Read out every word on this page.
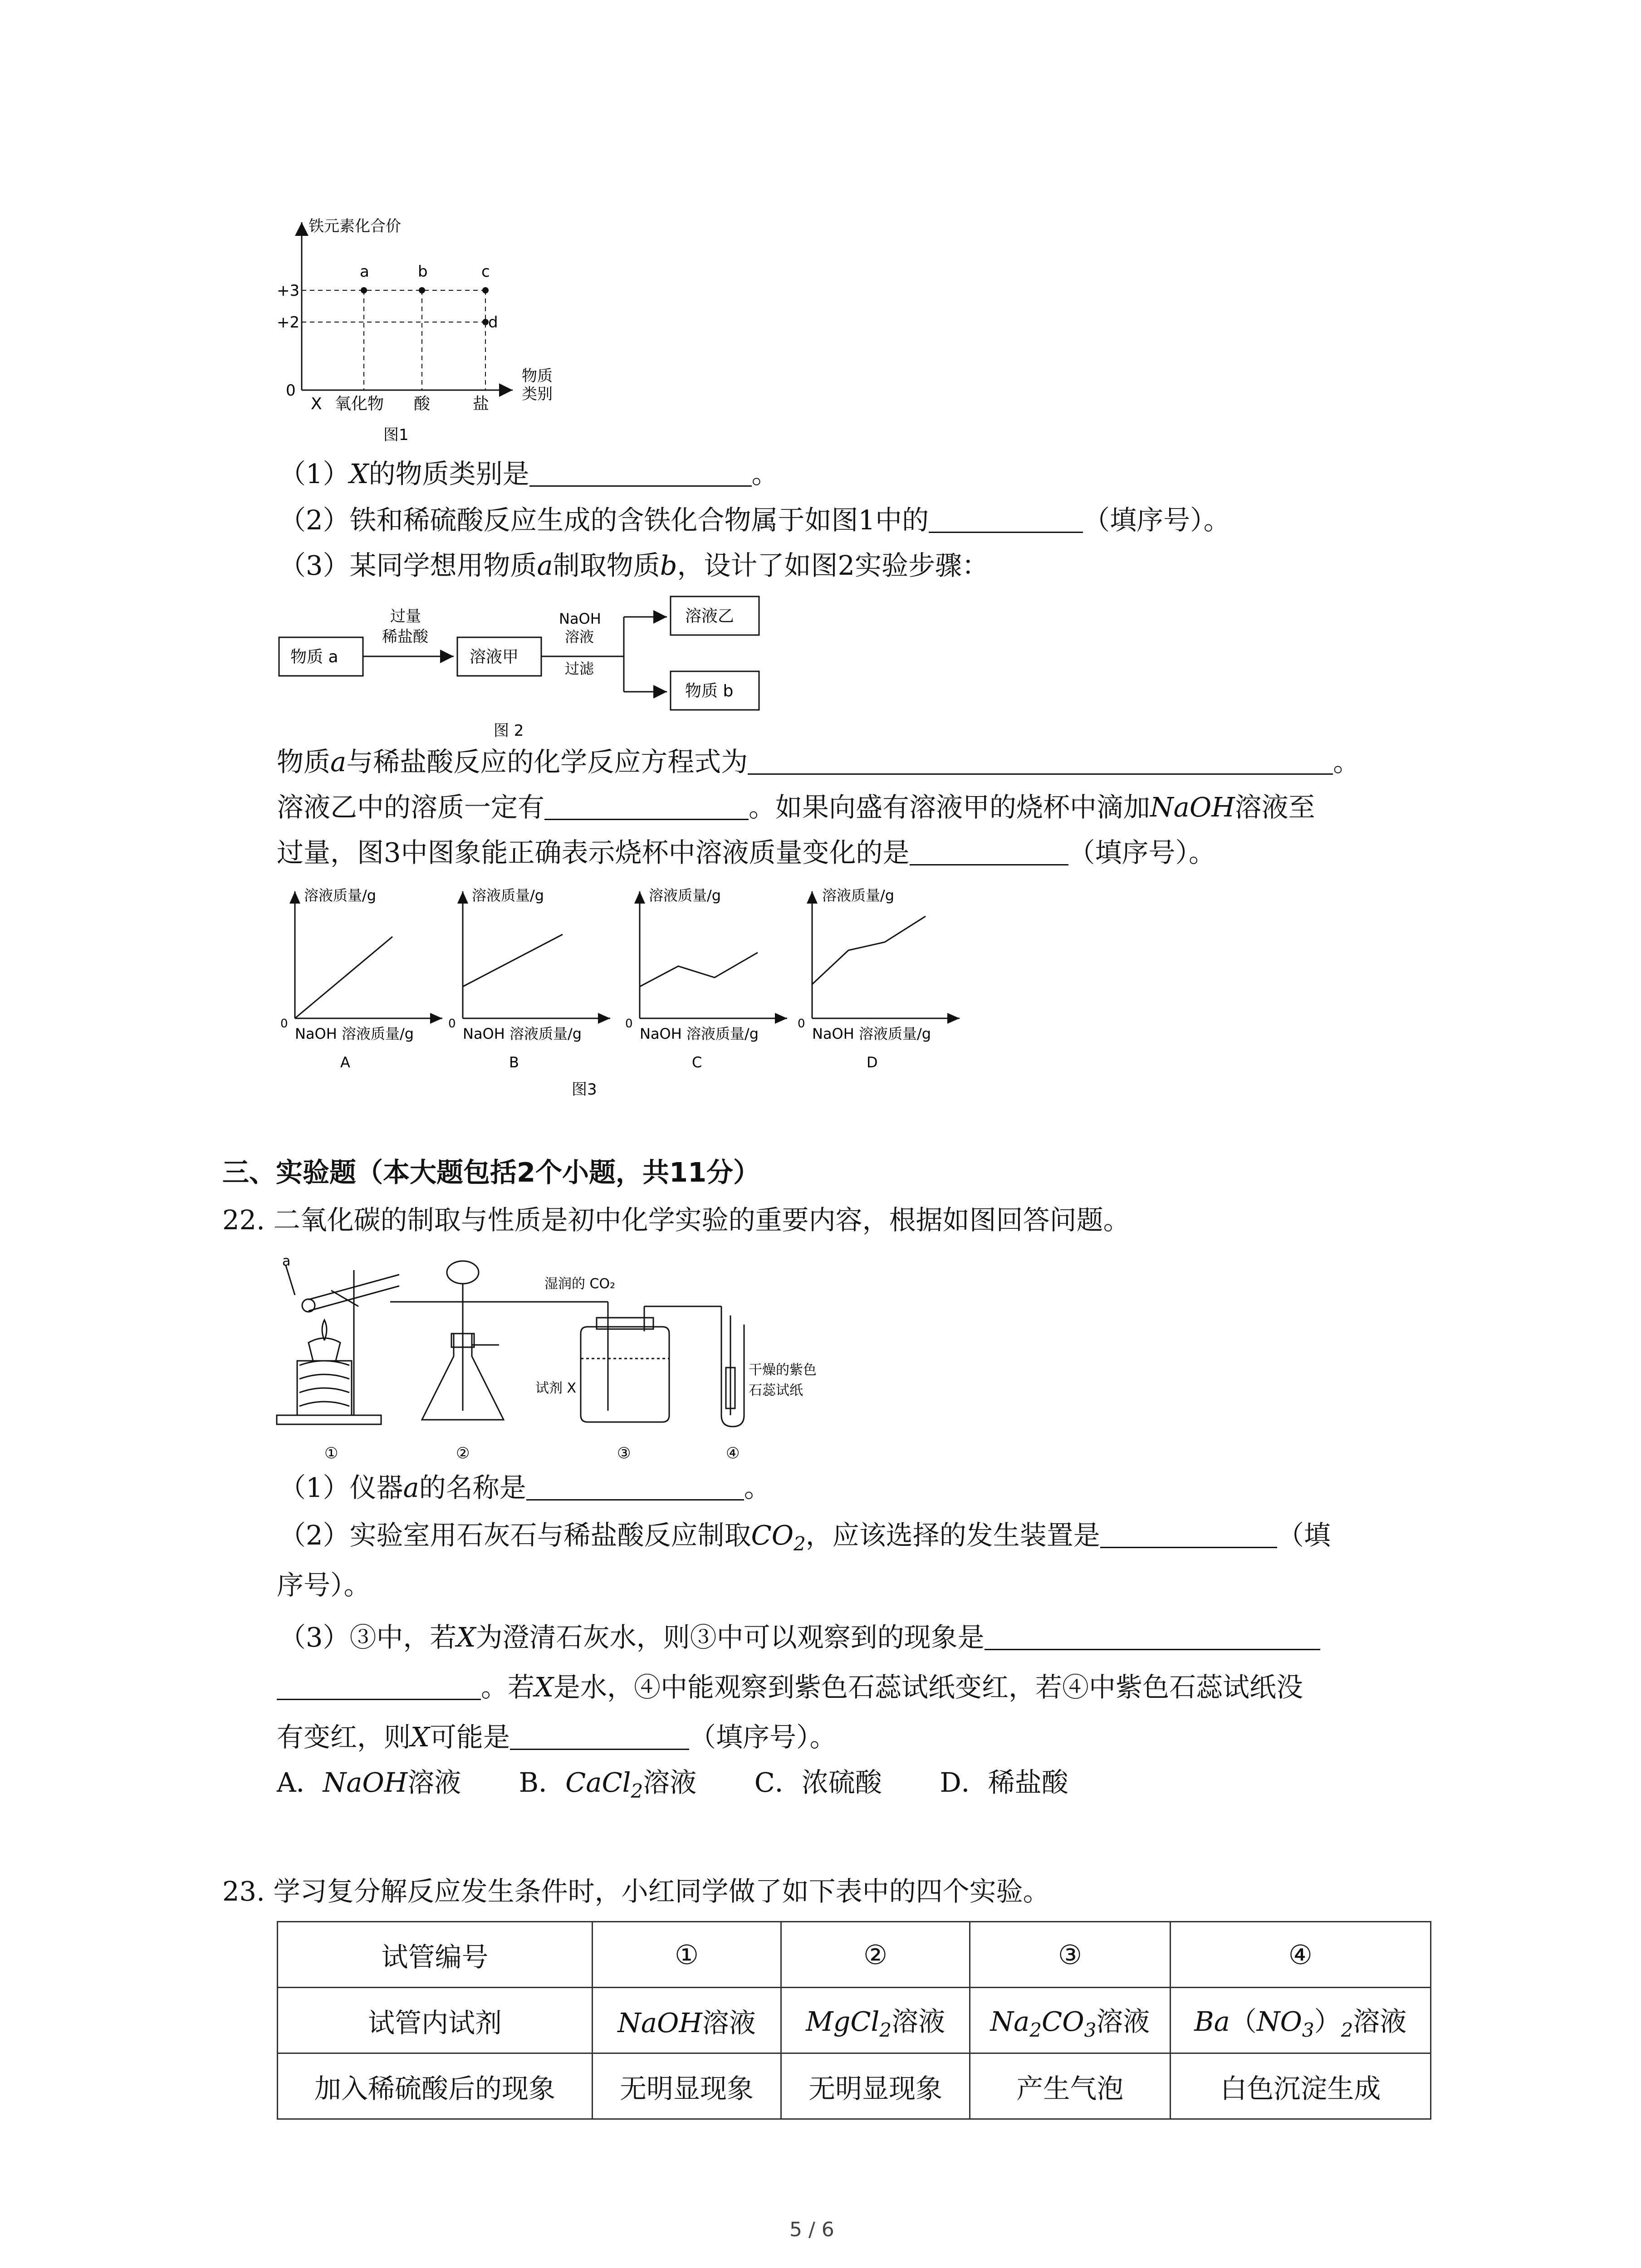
a	b	c
d
铁元素化合价
物质
类别
+3
+2
0
X 氧化物 酸	盐
图1
（1）X的物质类别是	。
（2）铁和稀硫酸反应生成的含铁化合物属于如图1中的	（填序号）。
（3）某同学想用物质a制取物质b，设计了如图2实验步骤：
物质 a
过量
稀盐酸
溶液甲
NaOH
溶液
过滤
溶液乙
物质 b
图 2
物质a与稀盐酸反应的化学反应方程式为	。
溶液乙中的溶质一定有	。如果向盛有溶液甲的烧杯中滴加NaOH溶液至
过量，图3中图象能正确表示烧杯中溶液质量变化的是	（填序号）。
溶液质量/g
0
NaOH 溶液质量/g
A
溶液质量/g
0
NaOH 溶液质量/g
B
溶液质量/g
0
NaOH 溶液质量/g
C
溶液质量/g
0
NaOH 溶液质量/g
D
图3
三、实验题（本大题包括2个小题，共11分）
22. 二氧化碳的制取与性质是初中化学实验的重要内容，根据如图回答问题。
a
湿润的 CO₂
试剂 X
干燥的紫色
石蕊试纸
①	②	③	④
（1）仪器a的名称是	。
（2）实验室用石灰石与稀盐酸反应制取$CO_2$，应该选择的发生装置是	（填
序号）。
（3）③中，若X为澄清石灰水，则③中可以观察到的现象是
。若X是水，④中能观察到紫色石蕊试纸变红，若④中紫色石蕊试纸没
有变红，则X可能是	（填序号）。
A．NaOH溶液 B．CaCl$_2$溶液 C．浓硫酸 D．稀盐酸
23. 学习复分解反应发生条件时，小红同学做了如下表中的四个实验。
试管编号	①	②	③	④
试管内试剂	NaOH溶液	MgCl$_2$溶液	$Na_2CO_3$溶液	$Ba(NO_3)_2$溶液
加入稀硫酸后的现象	无明显现象	无明显现象	产生气泡	白色沉淀生成
5 / 6
